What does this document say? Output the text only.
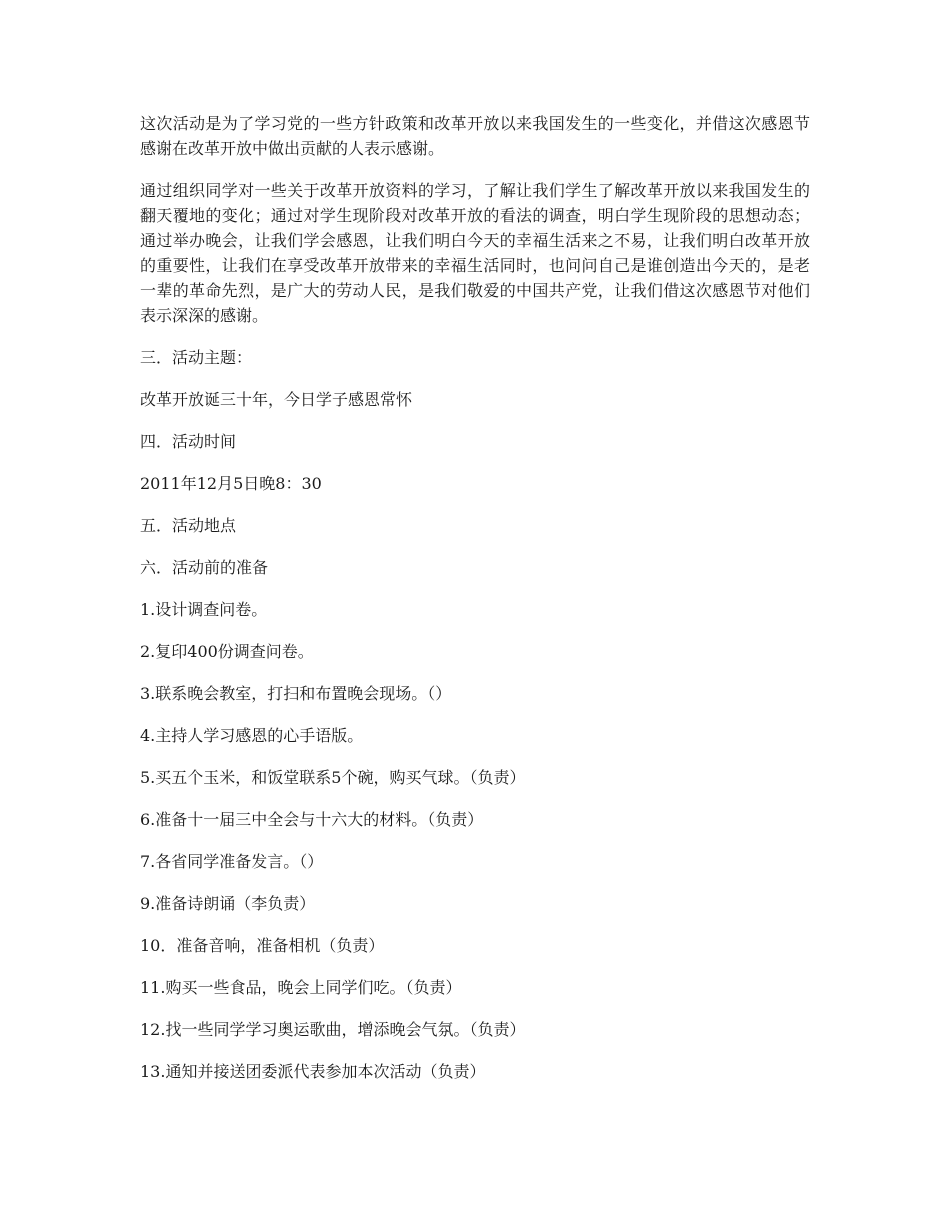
这次活动是为了学习党的一些方针政策和改革开放以来我国发生的一些变化，并借这次感恩节感谢在改革开放中做出贡献的人表示感谢。

通过组织同学对一些关于改革开放资料的学习，了解让我们学生了解改革开放以来我国发生的翻天覆地的变化；通过对学生现阶段对改革开放的看法的调查，明白学生现阶段的思想动态；通过举办晚会，让我们学会感恩，让我们明白今天的幸福生活来之不易，让我们明白改革开放的重要性，让我们在享受改革开放带来的幸福生活同时，也问问自己是谁创造出今天的，是老一辈的革命先烈，是广大的劳动人民，是我们敬爱的中国共产党，让我们借这次感恩节对他们表示深深的感谢。

三．活动主题：

改革开放诞三十年，今日学子感恩常怀

四．活动时间

2011年12月5日晚8：30

五．活动地点

六．活动前的准备

1.设计调查问卷。

2.复印400份调查问卷。

3.联系晚会教室，打扫和布置晚会现场。（）

4.主持人学习感恩的心手语版。

5.买五个玉米，和饭堂联系5个碗，购买气球。（负责）

6.准备十一届三中全会与十六大的材料。（负责）

7.各省同学准备发言。（）

9.准备诗朗诵（李负责）

10．准备音响，准备相机（负责）

11.购买一些食品，晚会上同学们吃。（负责）

12.找一些同学学习奥运歌曲，增添晚会气氛。（负责）

13.通知并接送团委派代表参加本次活动（负责）
